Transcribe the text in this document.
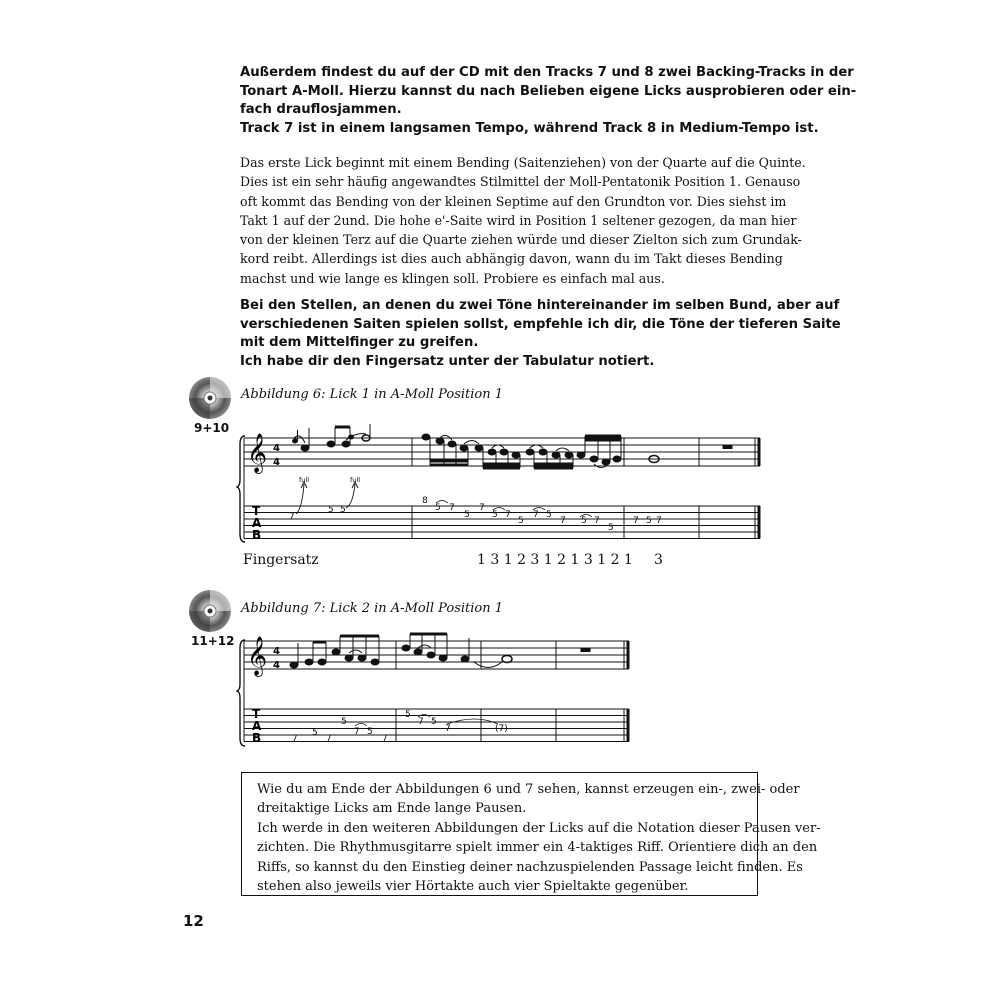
Außerdem findest du auf der CD mit den Tracks 7 und 8 zwei Backing-Tracks in der
Tonart A-Moll. Hierzu kannst du nach Belieben eigene Licks ausprobieren oder ein-
fach drauflosjammen.
Track 7 ist in einem langsamen Tempo, während Track 8 in Medium-Tempo ist.
Das erste Lick beginnt mit einem Bending (Saitenziehen) von der Quarte auf die Quinte.
Dies ist ein sehr häufig angewandtes Stilmittel der Moll-Pentatonik Position 1. Genauso
oft kommt das Bending von der kleinen Septime auf den Grundton vor. Dies siehst im
Takt 1 auf der 2und. Die hohe e'-Saite wird in Position 1 seltener gezogen, da man hier
von der kleinen Terz auf die Quarte ziehen würde und dieser Zielton sich zum Grundak-
kord reibt. Allerdings ist dies auch abhängig davon, wann du im Takt dieses Bending
machst und wie lange es klingen soll. Probiere es einfach mal aus.
Bei den Stellen, an denen du zwei Töne hintereinander im selben Bund, aber auf
verschiedenen Saiten spielen sollst, empfehle ich dir, die Töne der tieferen Saite
mit dem Mittelfinger zu greifen.
Ich habe dir den Fingersatz unter der Tabulatur notiert.
9+10
Abbildung 6: Lick 1 in A-Moll Position 1
𝄞 4
4
T
A
B
full	full
7
5 5
8
5 7
5
7
5 7
5
7 5
7 5 7
5
7 5 7
Fingersatz	1 3 1 2 3 1 2 1 3 1 2 1 3
11+12
Abbildung 7: Lick 2 in A-Moll Position 1
𝄞 4
4
T
A
B	7
5
7
5
7 5
7
5
7 5
7	(7)
Wie du am Ende der Abbildungen 6 und 7 sehen, kannst erzeugen ein-, zwei- oder
dreitaktige Licks am Ende lange Pausen.
Ich werde in den weiteren Abbildungen der Licks auf die Notation dieser Pausen ver-
zichten. Die Rhythmusgitarre spielt immer ein 4-taktiges Riff. Orientiere dich an den
Riffs, so kannst du den Einstieg deiner nachzuspielenden Passage leicht finden. Es
stehen also jeweils vier Hörtakte auch vier Spieltakte gegenüber.
12
